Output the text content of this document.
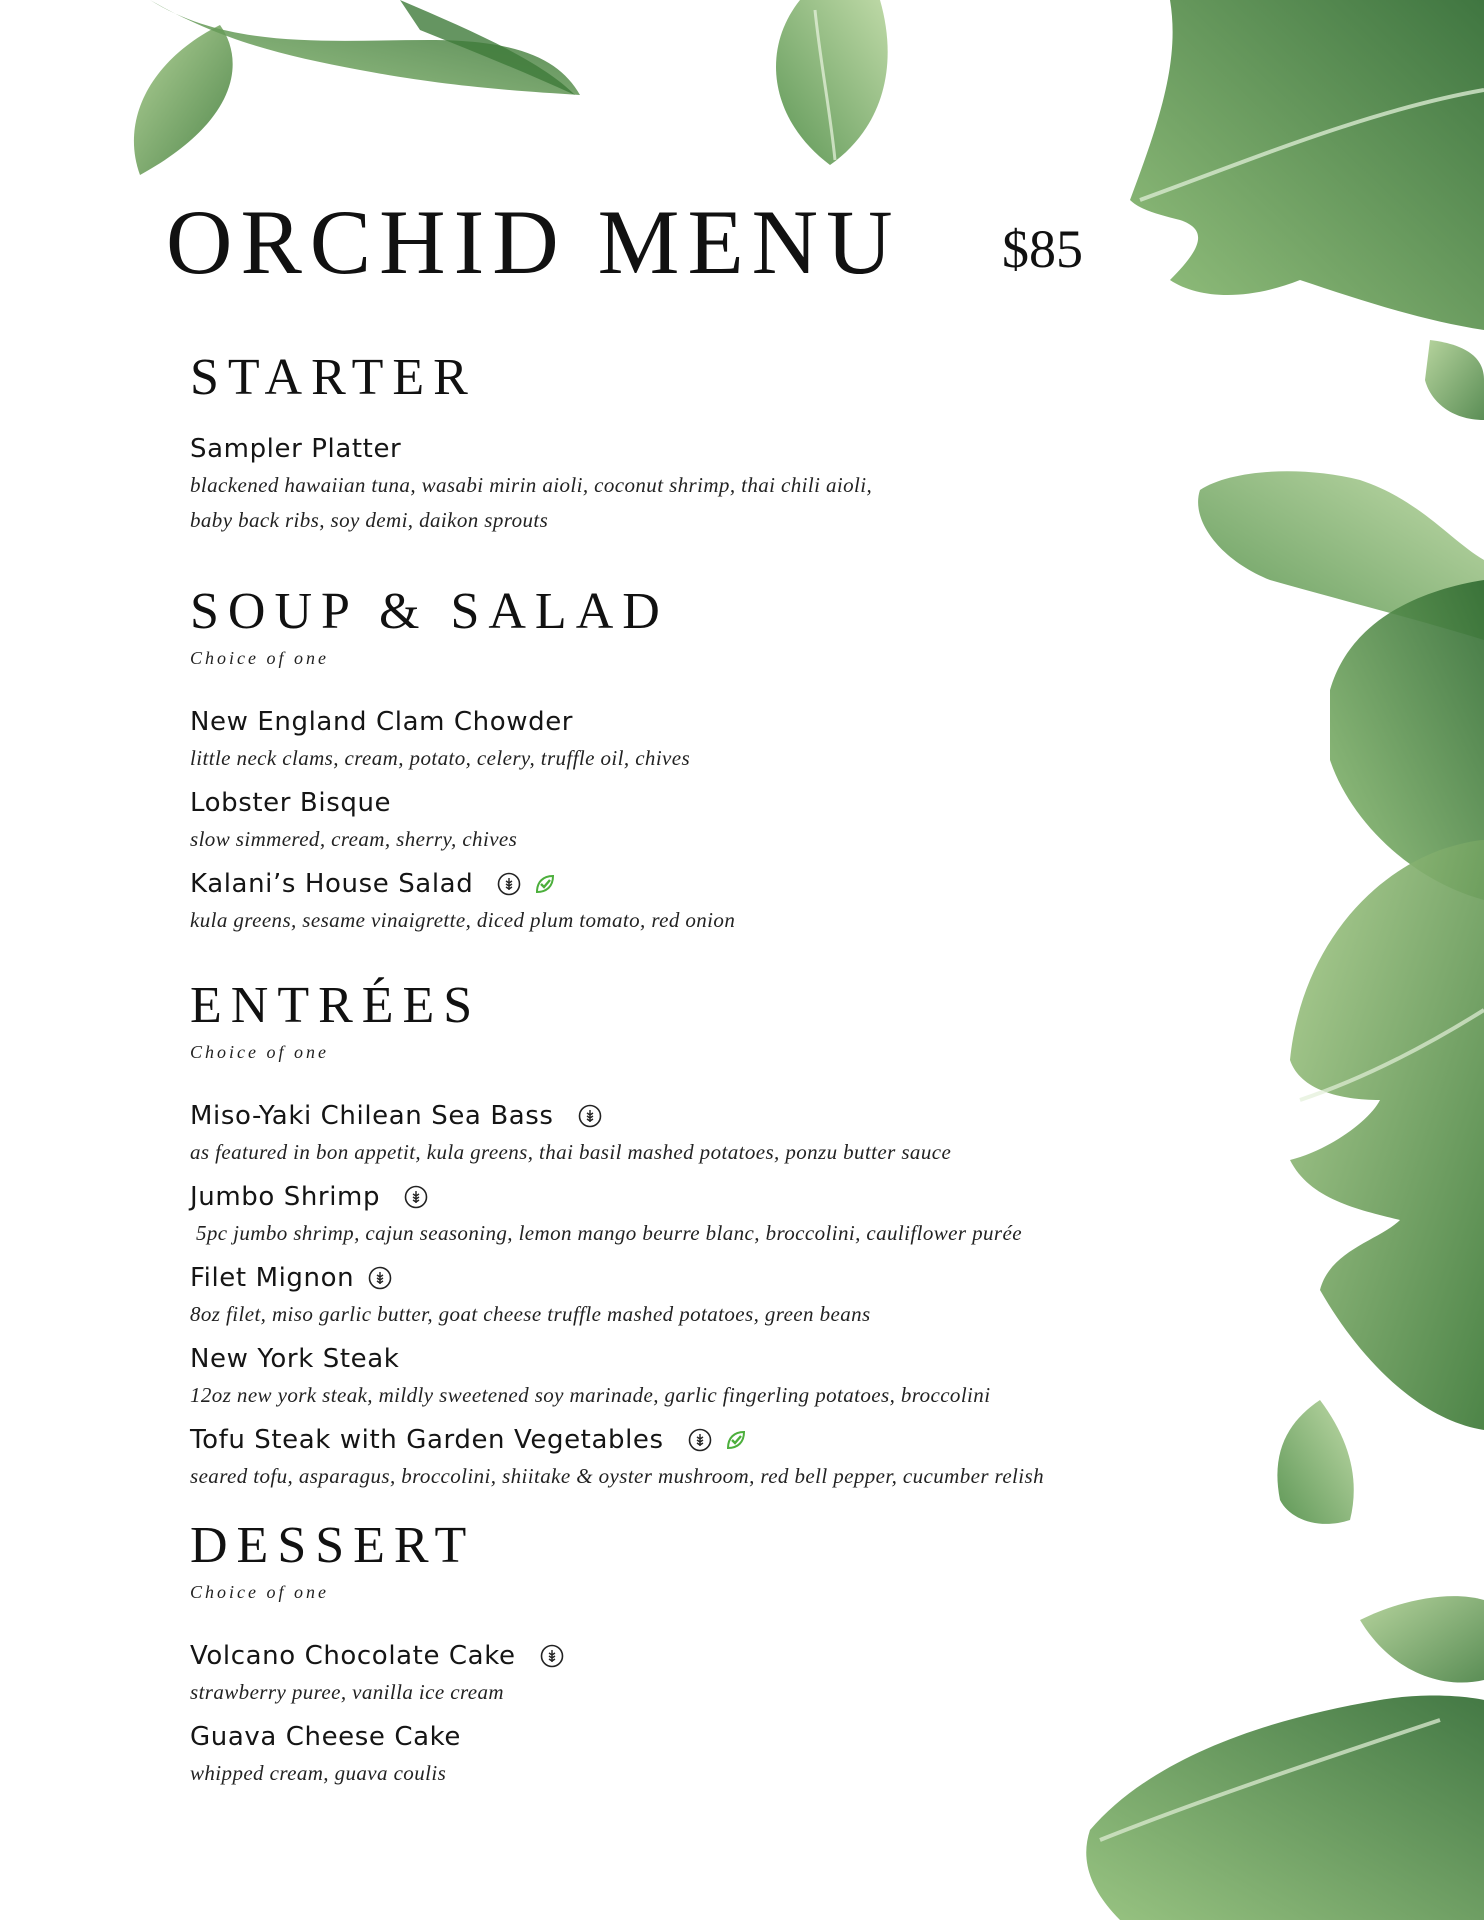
ORCHID MENU $85
STARTER
Sampler Platter
blackened hawaiian tuna, wasabi mirin aioli, coconut shrimp, thai chili aioli, baby back ribs, soy demi, daikon sprouts
SOUP & SALAD
Choice of one
New England Clam Chowder
little neck clams, cream, potato, celery, truffle oil, chives
Lobster Bisque
slow simmered, cream, sherry, chives
Kalani’s House Salad
kula greens, sesame vinaigrette, diced plum tomato, red onion
ENTRÉES
Choice of one
Miso-Yaki Chilean Sea Bass
as featured in bon appetit, kula greens, thai basil mashed potatoes, ponzu butter sauce
Jumbo Shrimp
5pc jumbo shrimp, cajun seasoning, lemon mango beurre blanc, broccolini, cauliflower purée
Filet Mignon
8oz filet, miso garlic butter, goat cheese truffle mashed potatoes, green beans
New York Steak
12oz new york steak, mildly sweetened soy marinade, garlic fingerling potatoes, broccolini
Tofu Steak with Garden Vegetables
seared tofu, asparagus, broccolini, shiitake & oyster mushroom, red bell pepper, cucumber relish
DESSERT
Choice of one
Volcano Chocolate Cake
strawberry puree, vanilla ice cream
Guava Cheese Cake
whipped cream, guava coulis
